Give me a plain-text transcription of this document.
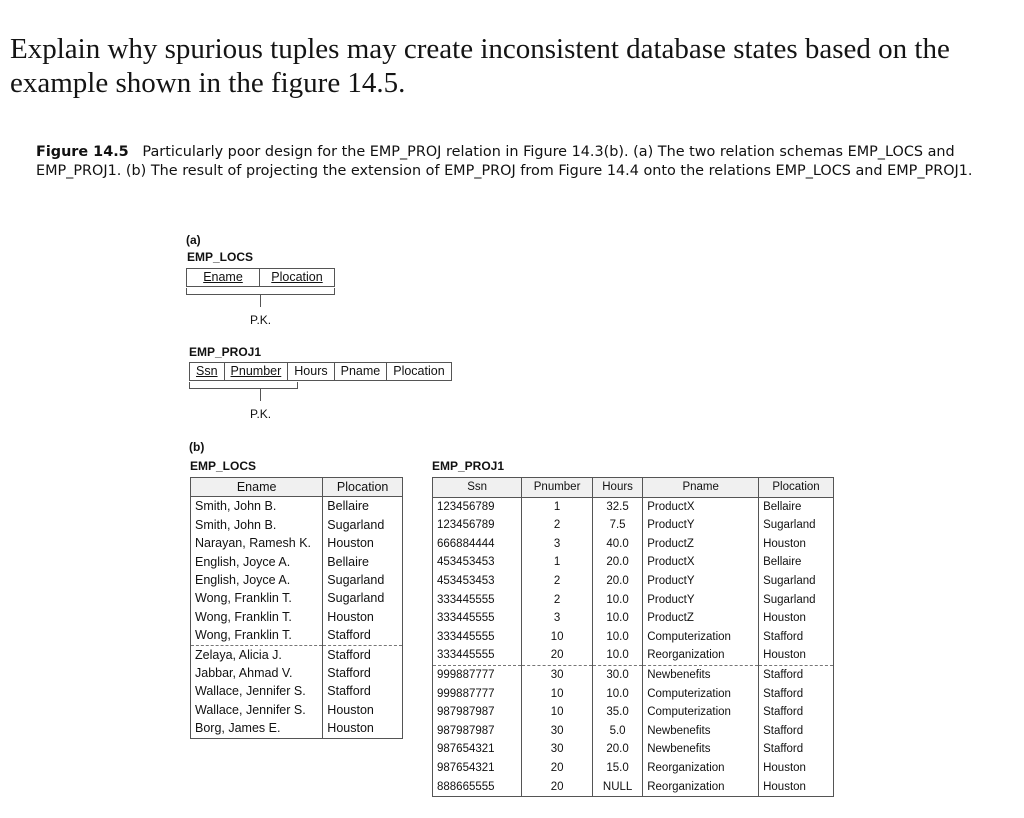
Explain why spurious tuples may create inconsistent database states based on the example shown in the figure 14.5.

Figure 14.5 Particularly poor design for the EMP_PROJ relation in Figure 14.3(b). (a) The two relation schemas EMP_LOCS and EMP_PROJ1. (b) The result of projecting the extension of EMP_PROJ from Figure 14.4 onto the relations EMP_LOCS and EMP_PROJ1.

(a)
EMP_LOCS
Ename	Plocation
P.K.
EMP_PROJ1
Ssn	Pnumber	Hours	Pname	Plocation
P.K.
(b)
EMP_LOCS	EMP_PROJ1
Ename	Plocation
Smith, John B.	Bellaire
Smith, John B.	Sugarland
Narayan, Ramesh K.	Houston
English, Joyce A.	Bellaire
English, Joyce A.	Sugarland
Wong, Franklin T.	Sugarland
Wong, Franklin T.	Houston
Wong, Franklin T.	Stafford
Zelaya, Alicia J.	Stafford
Jabbar, Ahmad V.	Stafford
Wallace, Jennifer S.	Stafford
Wallace, Jennifer S.	Houston
Borg, James E.	Houston
Ssn	Pnumber	Hours	Pname	Plocation
123456789	1	32.5	ProductX	Bellaire
123456789	2	7.5	ProductY	Sugarland
666884444	3	40.0	ProductZ	Houston
453453453	1	20.0	ProductX	Bellaire
453453453	2	20.0	ProductY	Sugarland
333445555	2	10.0	ProductY	Sugarland
333445555	3	10.0	ProductZ	Houston
333445555	10	10.0	Computerization	Stafford
333445555	20	10.0	Reorganization	Houston
999887777	30	30.0	Newbenefits	Stafford
999887777	10	10.0	Computerization	Stafford
987987987	10	35.0	Computerization	Stafford
987987987	30	5.0	Newbenefits	Stafford
987654321	30	20.0	Newbenefits	Stafford
987654321	20	15.0	Reorganization	Houston
888665555	20	NULL	Reorganization	Houston
